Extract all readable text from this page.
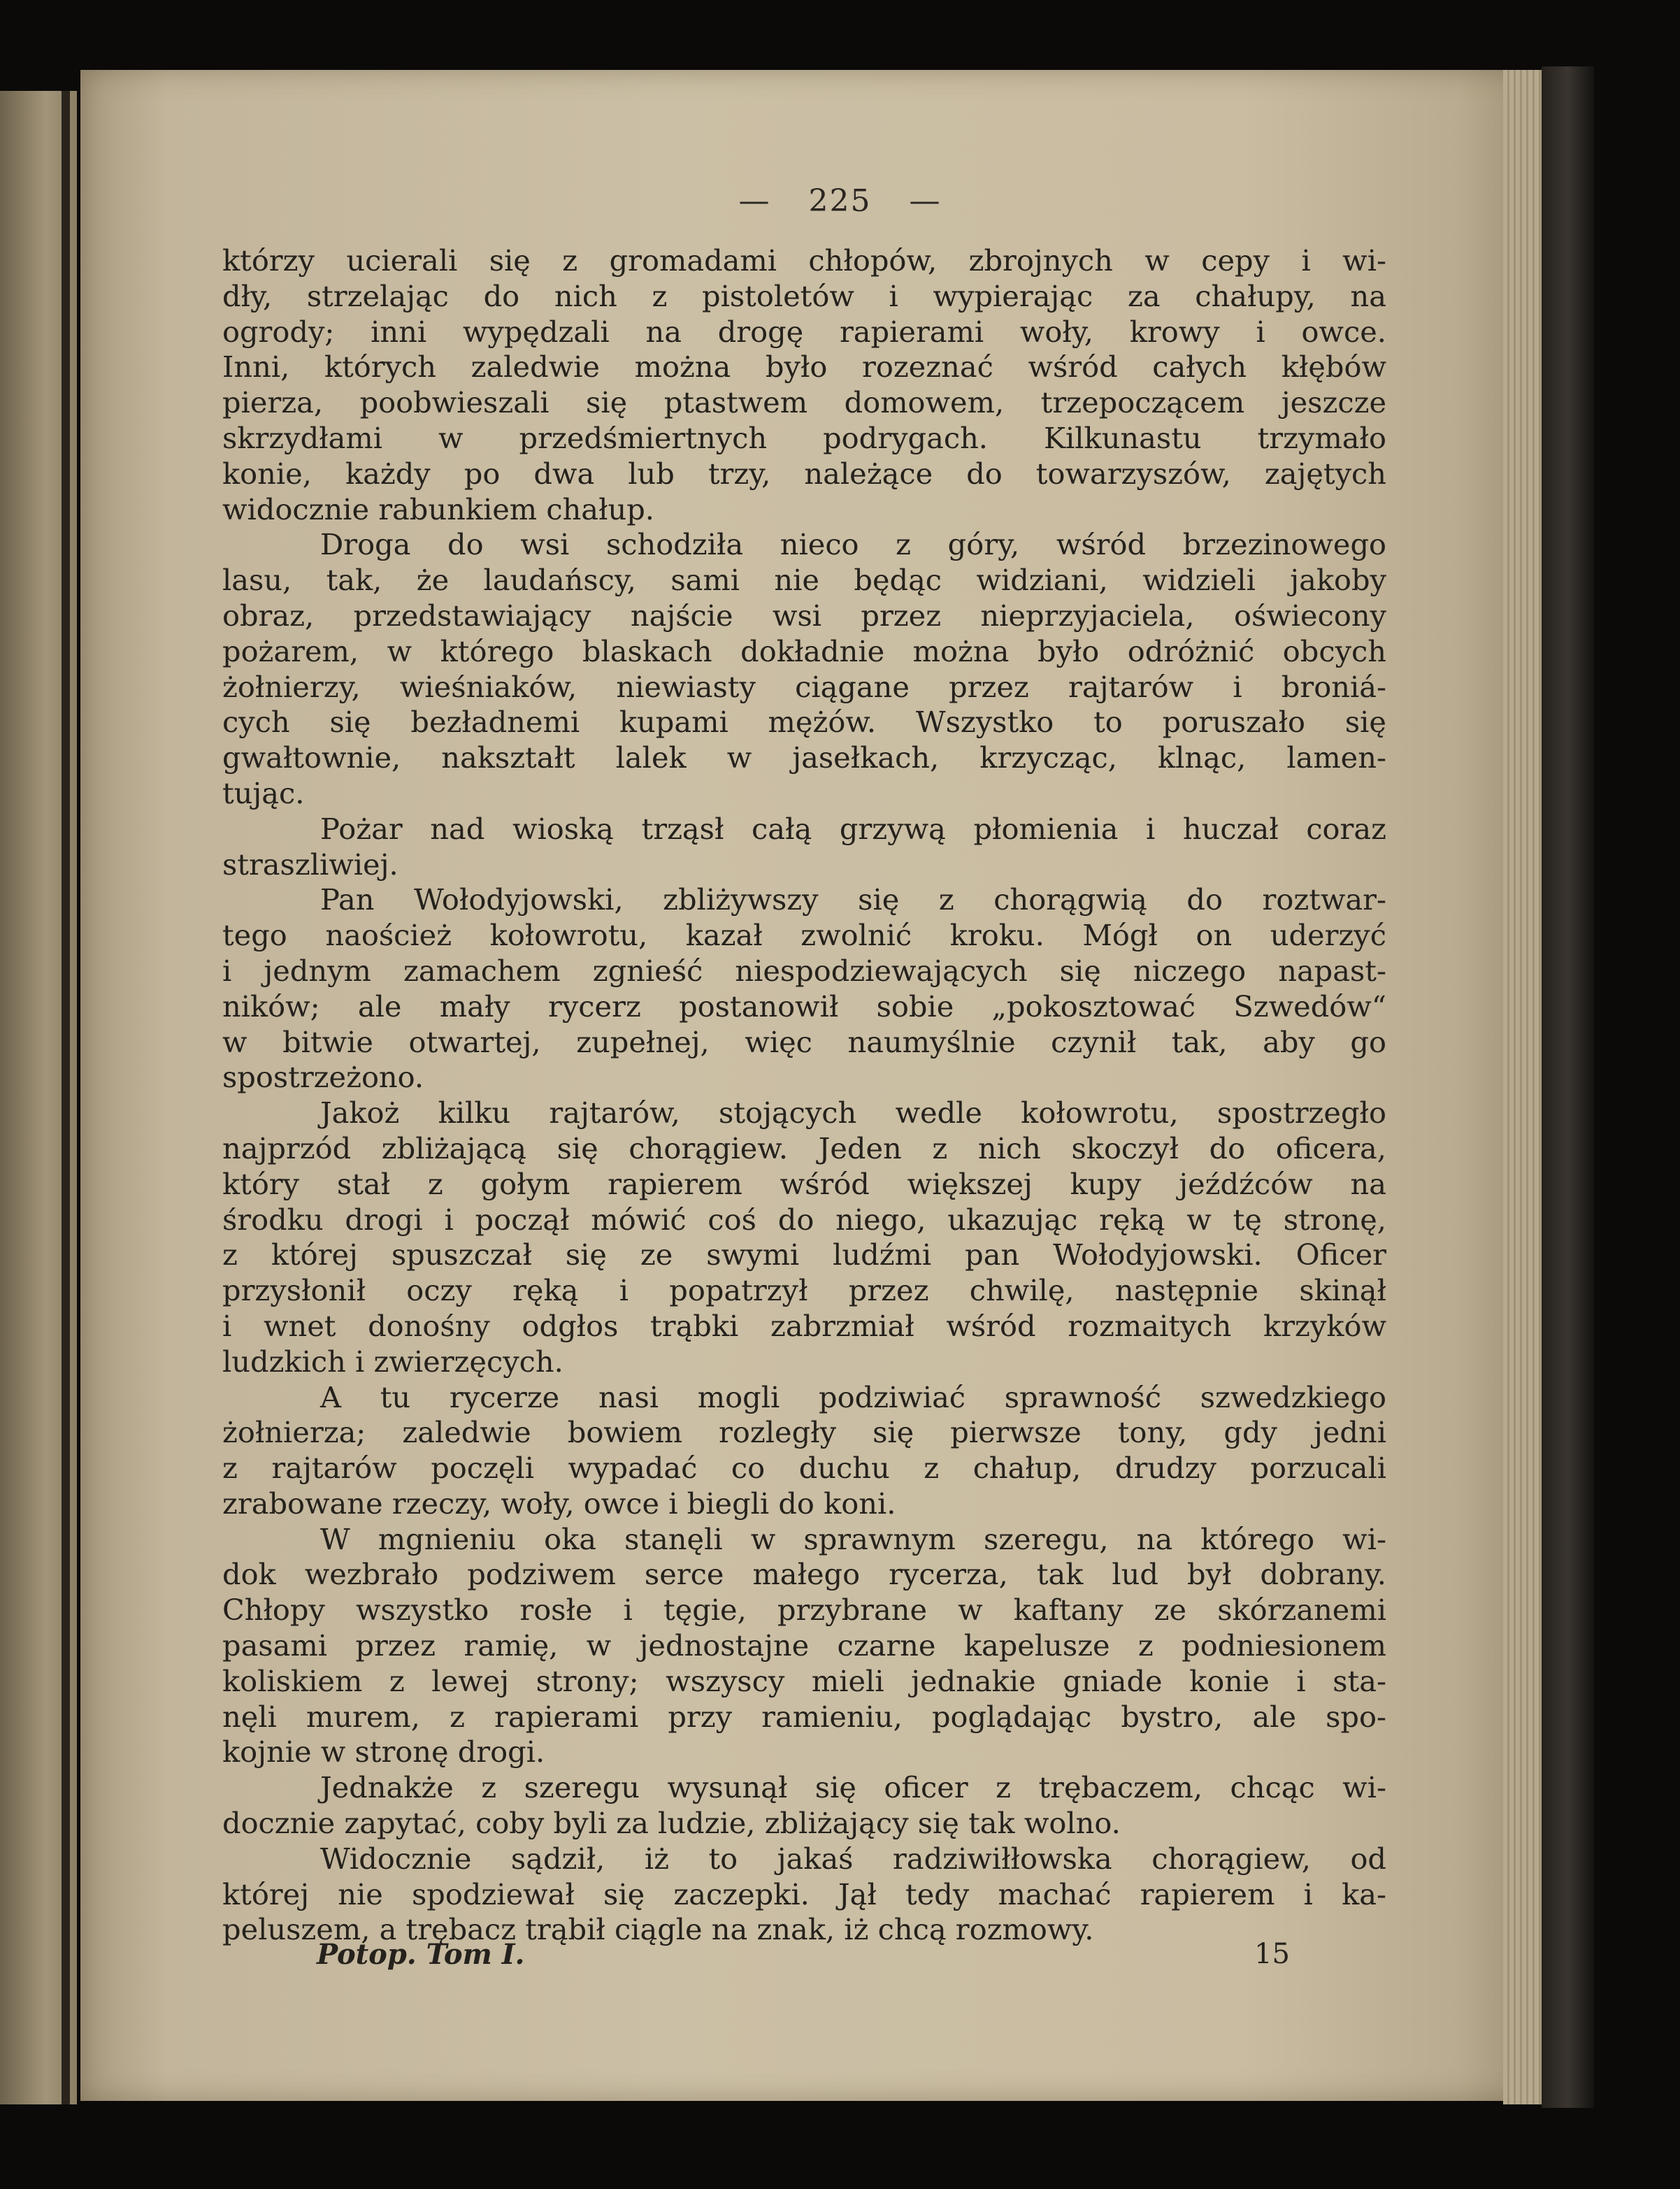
— 225 —
którzy ucierali się z gromadami chłopów, zbrojnych w cepy i wi-
dły, strzelając do nich z pistoletów i wypierając za chałupy, na
ogrody; inni wypędzali na drogę rapierami woły, krowy i owce.
Inni, których zaledwie można było rozeznać wśród całych kłębów
pierza, poobwieszali się ptastwem domowem, trzepoczącem jeszcze
skrzydłami w przedśmiertnych podrygach. Kilkunastu trzymało
konie, każdy po dwa lub trzy, należące do towarzyszów, zajętych
widocznie rabunkiem chałup.
Droga do wsi schodziła nieco z góry, wśród brzezinowego
lasu, tak, że laudańscy, sami nie będąc widziani, widzieli jakoby
obraz, przedstawiający najście wsi przez nieprzyjaciela, oświecony
pożarem, w którego blaskach dokładnie można było odróżnić obcych
żołnierzy, wieśniaków, niewiasty ciągane przez rajtarów i broniá-
cych się bezładnemi kupami mężów. Wszystko to poruszało się
gwałtownie, nakształt lalek w jasełkach, krzycząc, klnąc, lamen-
tując.
Pożar nad wioską trząsł całą grzywą płomienia i huczał coraz
straszliwiej.
Pan Wołodyjowski, zbliżywszy się z chorągwią do roztwar-
tego naoścież kołowrotu, kazał zwolnić kroku. Mógł on uderzyć
i jednym zamachem zgnieść niespodziewających się niczego napast-
ników; ale mały rycerz postanowił sobie „pokosztować Szwedów“
w bitwie otwartej, zupełnej, więc naumyślnie czynił tak, aby go
spostrzeżono.
Jakoż kilku rajtarów, stojących wedle kołowrotu, spostrzegło
najprzód zbliżającą się chorągiew. Jeden z nich skoczył do oficera,
który stał z gołym rapierem wśród większej kupy jeźdźców na
środku drogi i począł mówić coś do niego, ukazując ręką w tę stronę,
z której spuszczał się ze swymi ludźmi pan Wołodyjowski. Oficer
przysłonił oczy ręką i popatrzył przez chwilę, następnie skinął
i wnet donośny odgłos trąbki zabrzmiał wśród rozmaitych krzyków
ludzkich i zwierzęcych.
A tu rycerze nasi mogli podziwiać sprawność szwedzkiego
żołnierza; zaledwie bowiem rozległy się pierwsze tony, gdy jedni
z rajtarów poczęli wypadać co duchu z chałup, drudzy porzucali
zrabowane rzeczy, woły, owce i biegli do koni.
W mgnieniu oka stanęli w sprawnym szeregu, na którego wi-
dok wezbrało podziwem serce małego rycerza, tak lud był dobrany.
Chłopy wszystko rosłe i tęgie, przybrane w kaftany ze skórzanemi
pasami przez ramię, w jednostajne czarne kapelusze z podniesionem
koliskiem z lewej strony; wszyscy mieli jednakie gniade konie i sta-
nęli murem, z rapierami przy ramieniu, poglądając bystro, ale spo-
kojnie w stronę drogi.
Jednakże z szeregu wysunął się oficer z trębaczem, chcąc wi-
docznie zapytać, coby byli za ludzie, zbliżający się tak wolno.
Widocznie sądził, iż to jakaś radziwiłłowska chorągiew, od
której nie spodziewał się zaczepki. Jął tedy machać rapierem i ka-
peluszem, a trębacz trąbił ciągle na znak, iż chcą rozmowy.
Potop. Tom I.	15
